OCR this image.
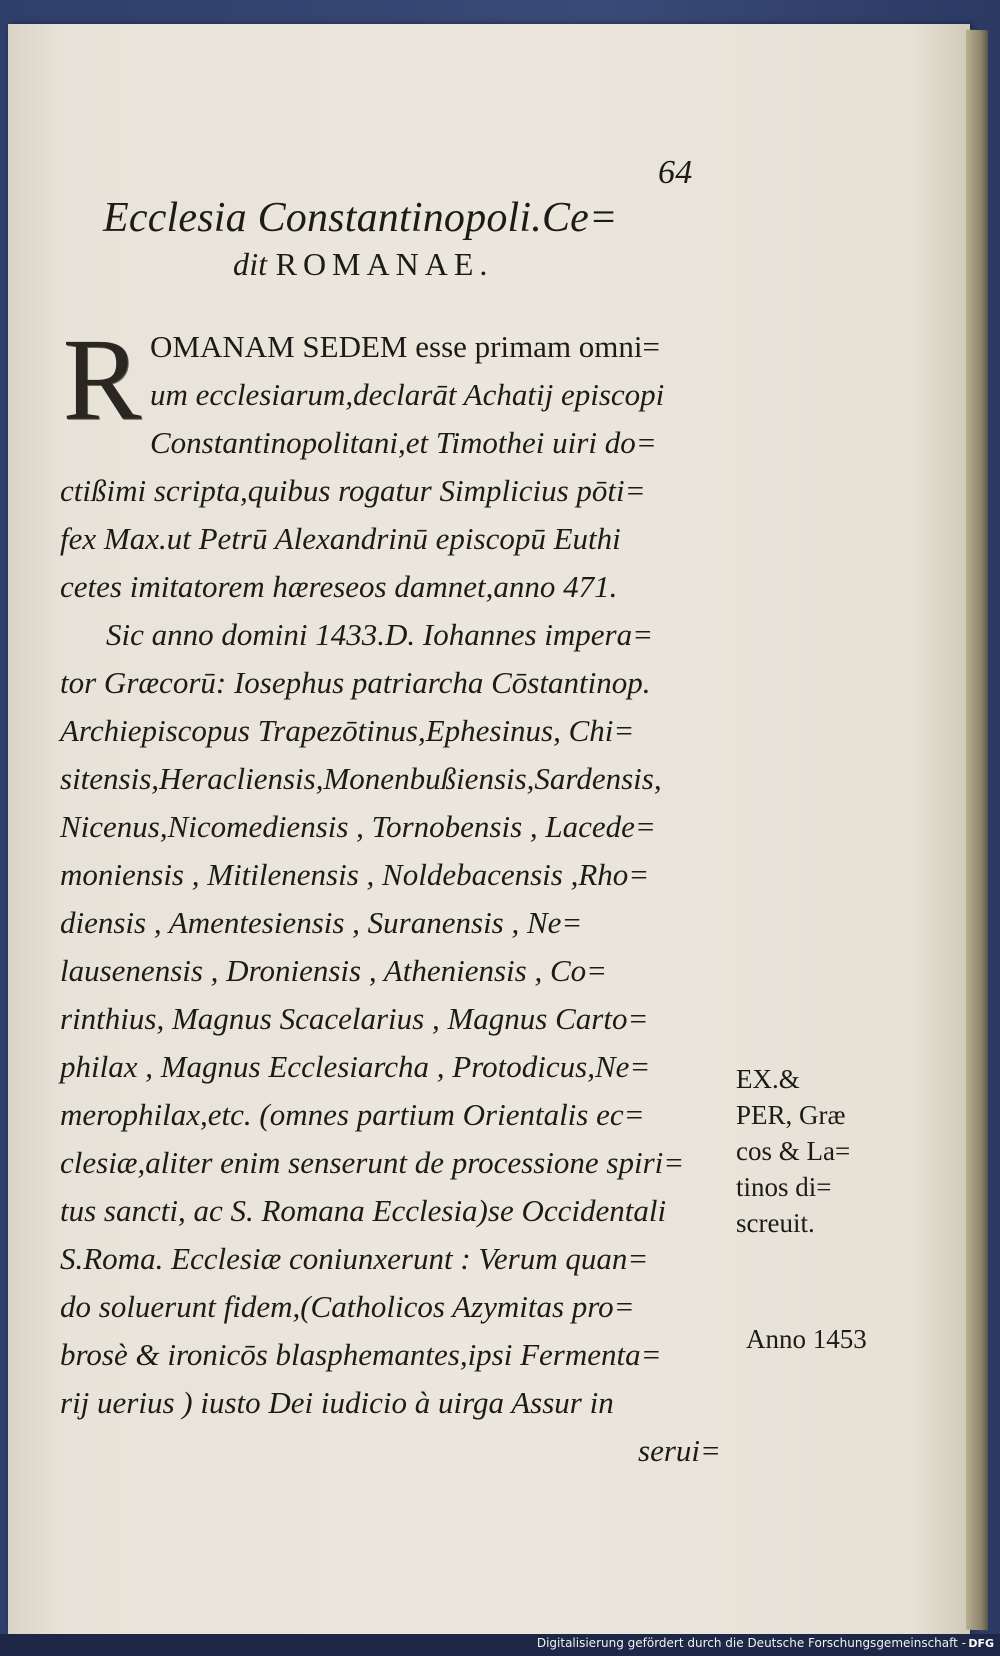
64
Ecclesia Constantinopoli.Ce=
dit ROMANAE.
R OMANAM SEDEM esse primam omni=
um ecclesiarum,declarāt Achatij episcopi
Constantinopolitani,et Timothei uiri do=
ctißimi scripta,quibus rogatur Simplicius pōti=
fex Max.ut Petrū Alexandrinū episcopū Euthi
cetes imitatorem hæreseos damnet,anno 471.
Sic anno domini 1433.D. Iohannes impera=
tor Græcorū: Iosephus patriarcha Cōstantinop.
Archiepiscopus Trapezōtinus,Ephesinus, Chi=
sitensis,Heracliensis,Monenbußiensis,Sardensis,
Nicenus,Nicomediensis , Tornobensis , Lacede=
moniensis , Mitilenensis , Noldebacensis ,Rho=
diensis , Amentesiensis , Suranensis , Ne=
lausenensis , Droniensis , Atheniensis , Co=
rinthius, Magnus Scacelarius , Magnus Carto=
philax , Magnus Ecclesiarcha , Protodicus,Ne=
merophilax,etc. (omnes partium Orientalis ec=
clesiæ,aliter enim senserunt de processione spiri=
tus sancti, ac S. Romana Ecclesia)se Occidentali
S.Roma. Ecclesiæ coniunxerunt : Verum quan=
do soluerunt fidem,(Catholicos Azymitas pro=
brosè & ironicōs blasphemantes,ipsi Fermenta=
rij uerius ) iusto Dei iudicio à uirga Assur in
serui=
EX.&
PER, Græ
cos & La=
tinos di=
screuit.
Anno 1453
Digitalisierung gefördert durch die Deutsche Forschungsgemeinschaft - DFG
